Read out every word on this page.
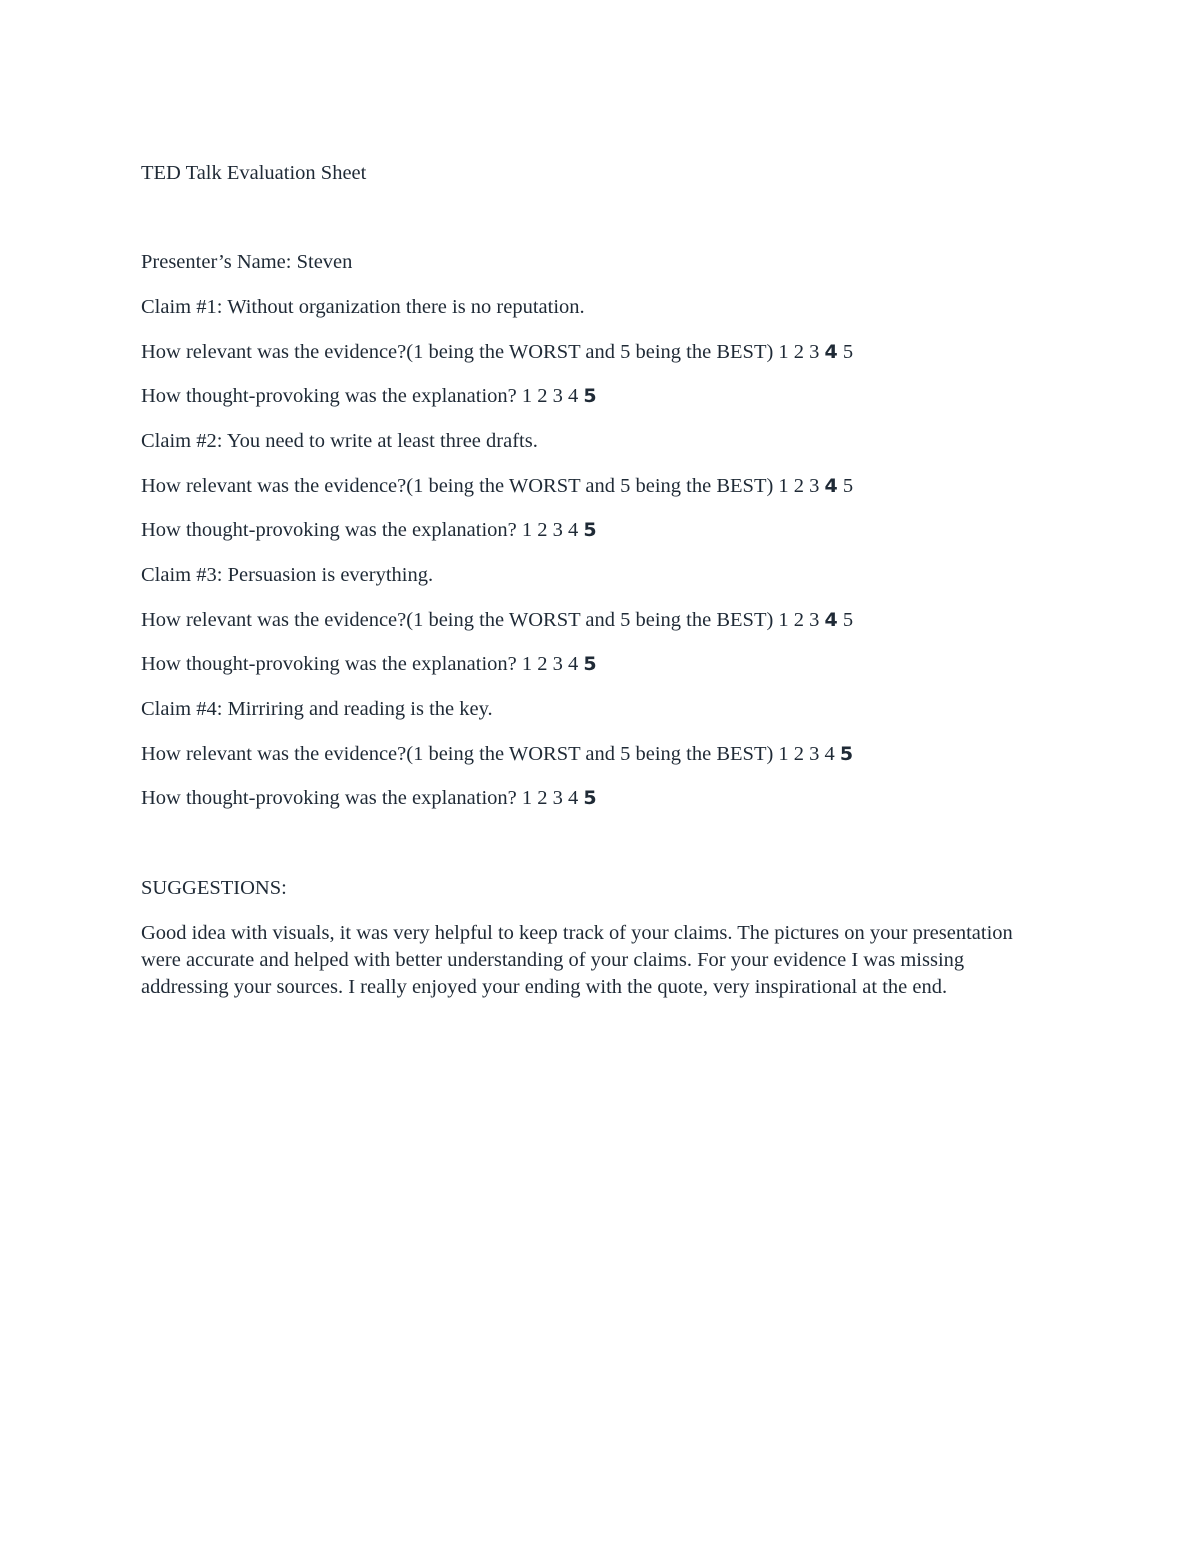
TED Talk Evaluation Sheet
Presenter’s Name: Steven
Claim #1: Without organization there is no reputation.
How relevant was the evidence?(1 being the WORST and 5 being the BEST) 1 2 3 4 5
How thought-provoking was the explanation? 1 2 3 4 5
Claim #2: You need to write at least three drafts.
How relevant was the evidence?(1 being the WORST and 5 being the BEST) 1 2 3 4 5
How thought-provoking was the explanation? 1 2 3 4 5
Claim #3: Persuasion is everything.
How relevant was the evidence?(1 being the WORST and 5 being the BEST) 1 2 3 4 5
How thought-provoking was the explanation? 1 2 3 4 5
Claim #4: Mirriring and reading is the key.
How relevant was the evidence?(1 being the WORST and 5 being the BEST) 1 2 3 4 5
How thought-provoking was the explanation? 1 2 3 4 5
SUGGESTIONS:
Good idea with visuals, it was very helpful to keep track of your claims. The pictures on your presentation were accurate and helped with better understanding of your claims. For your evidence I was missing addressing your sources. I really enjoyed your ending with the quote, very inspirational at the end.
